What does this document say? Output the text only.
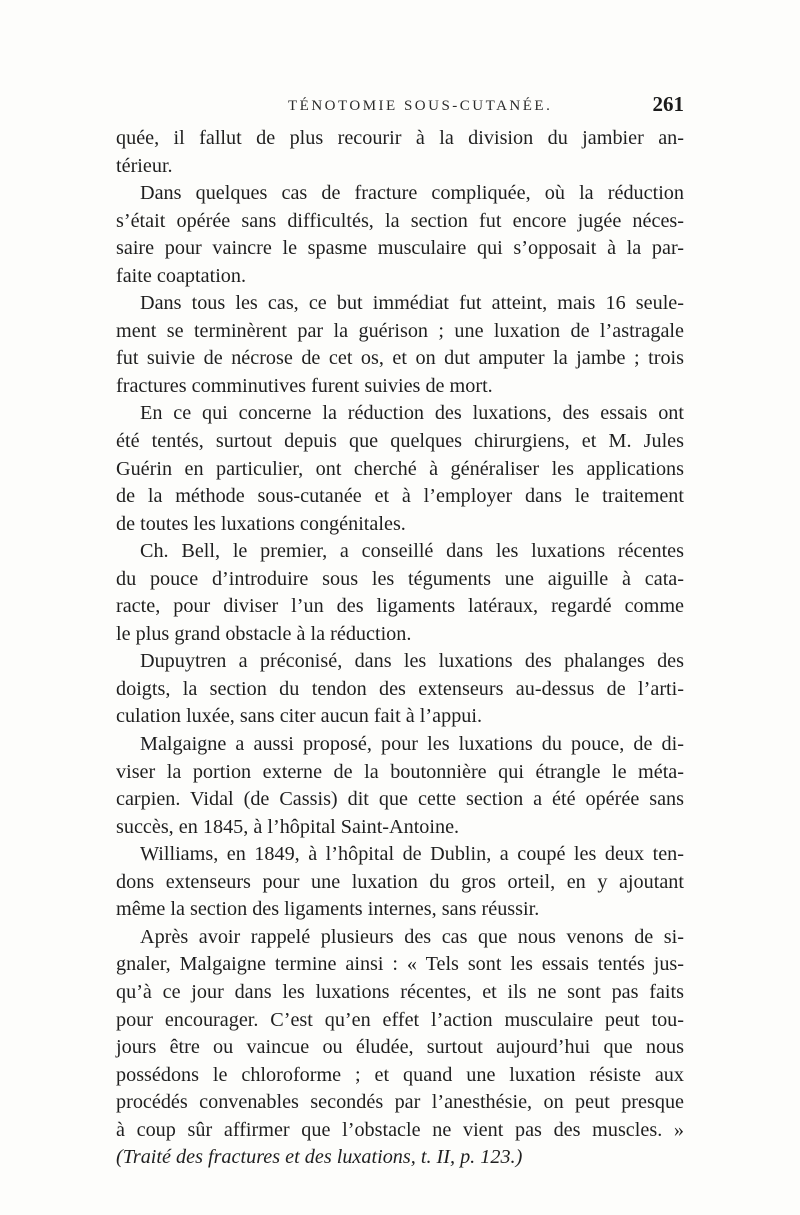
TÉNOTOMIE SOUS-CUTANÉE.	261
quée, il fallut de plus recourir à la division du jambier an-
térieur.
Dans quelques cas de fracture compliquée, où la réduction
s’était opérée sans difficultés, la section fut encore jugée néces-
saire pour vaincre le spasme musculaire qui s’opposait à la par-
faite coaptation.
Dans tous les cas, ce but immédiat fut atteint, mais 16 seule-
ment se terminèrent par la guérison ; une luxation de l’astragale
fut suivie de nécrose de cet os, et on dut amputer la jambe ; trois
fractures comminutives furent suivies de mort.
En ce qui concerne la réduction des luxations, des essais ont
été tentés, surtout depuis que quelques chirurgiens, et M. Jules
Guérin en particulier, ont cherché à généraliser les applications
de la méthode sous-cutanée et à l’employer dans le traitement
de toutes les luxations congénitales.
Ch. Bell, le premier, a conseillé dans les luxations récentes
du pouce d’introduire sous les téguments une aiguille à cata-
racte, pour diviser l’un des ligaments latéraux, regardé comme
le plus grand obstacle à la réduction.
Dupuytren a préconisé, dans les luxations des phalanges des
doigts, la section du tendon des extenseurs au-dessus de l’arti-
culation luxée, sans citer aucun fait à l’appui.
Malgaigne a aussi proposé, pour les luxations du pouce, de di-
viser la portion externe de la boutonnière qui étrangle le méta-
carpien. Vidal (de Cassis) dit que cette section a été opérée sans
succès, en 1845, à l’hôpital Saint-Antoine.
Williams, en 1849, à l’hôpital de Dublin, a coupé les deux ten-
dons extenseurs pour une luxation du gros orteil, en y ajoutant
même la section des ligaments internes, sans réussir.
Après avoir rappelé plusieurs des cas que nous venons de si-
gnaler, Malgaigne termine ainsi : « Tels sont les essais tentés jus-
qu’à ce jour dans les luxations récentes, et ils ne sont pas faits
pour encourager. C’est qu’en effet l’action musculaire peut tou-
jours être ou vaincue ou éludée, surtout aujourd’hui que nous
possédons le chloroforme ; et quand une luxation résiste aux
procédés convenables secondés par l’anesthésie, on peut presque
à coup sûr affirmer que l’obstacle ne vient pas des muscles. »
(Traité des fractures et des luxations, t. II, p. 123.)
